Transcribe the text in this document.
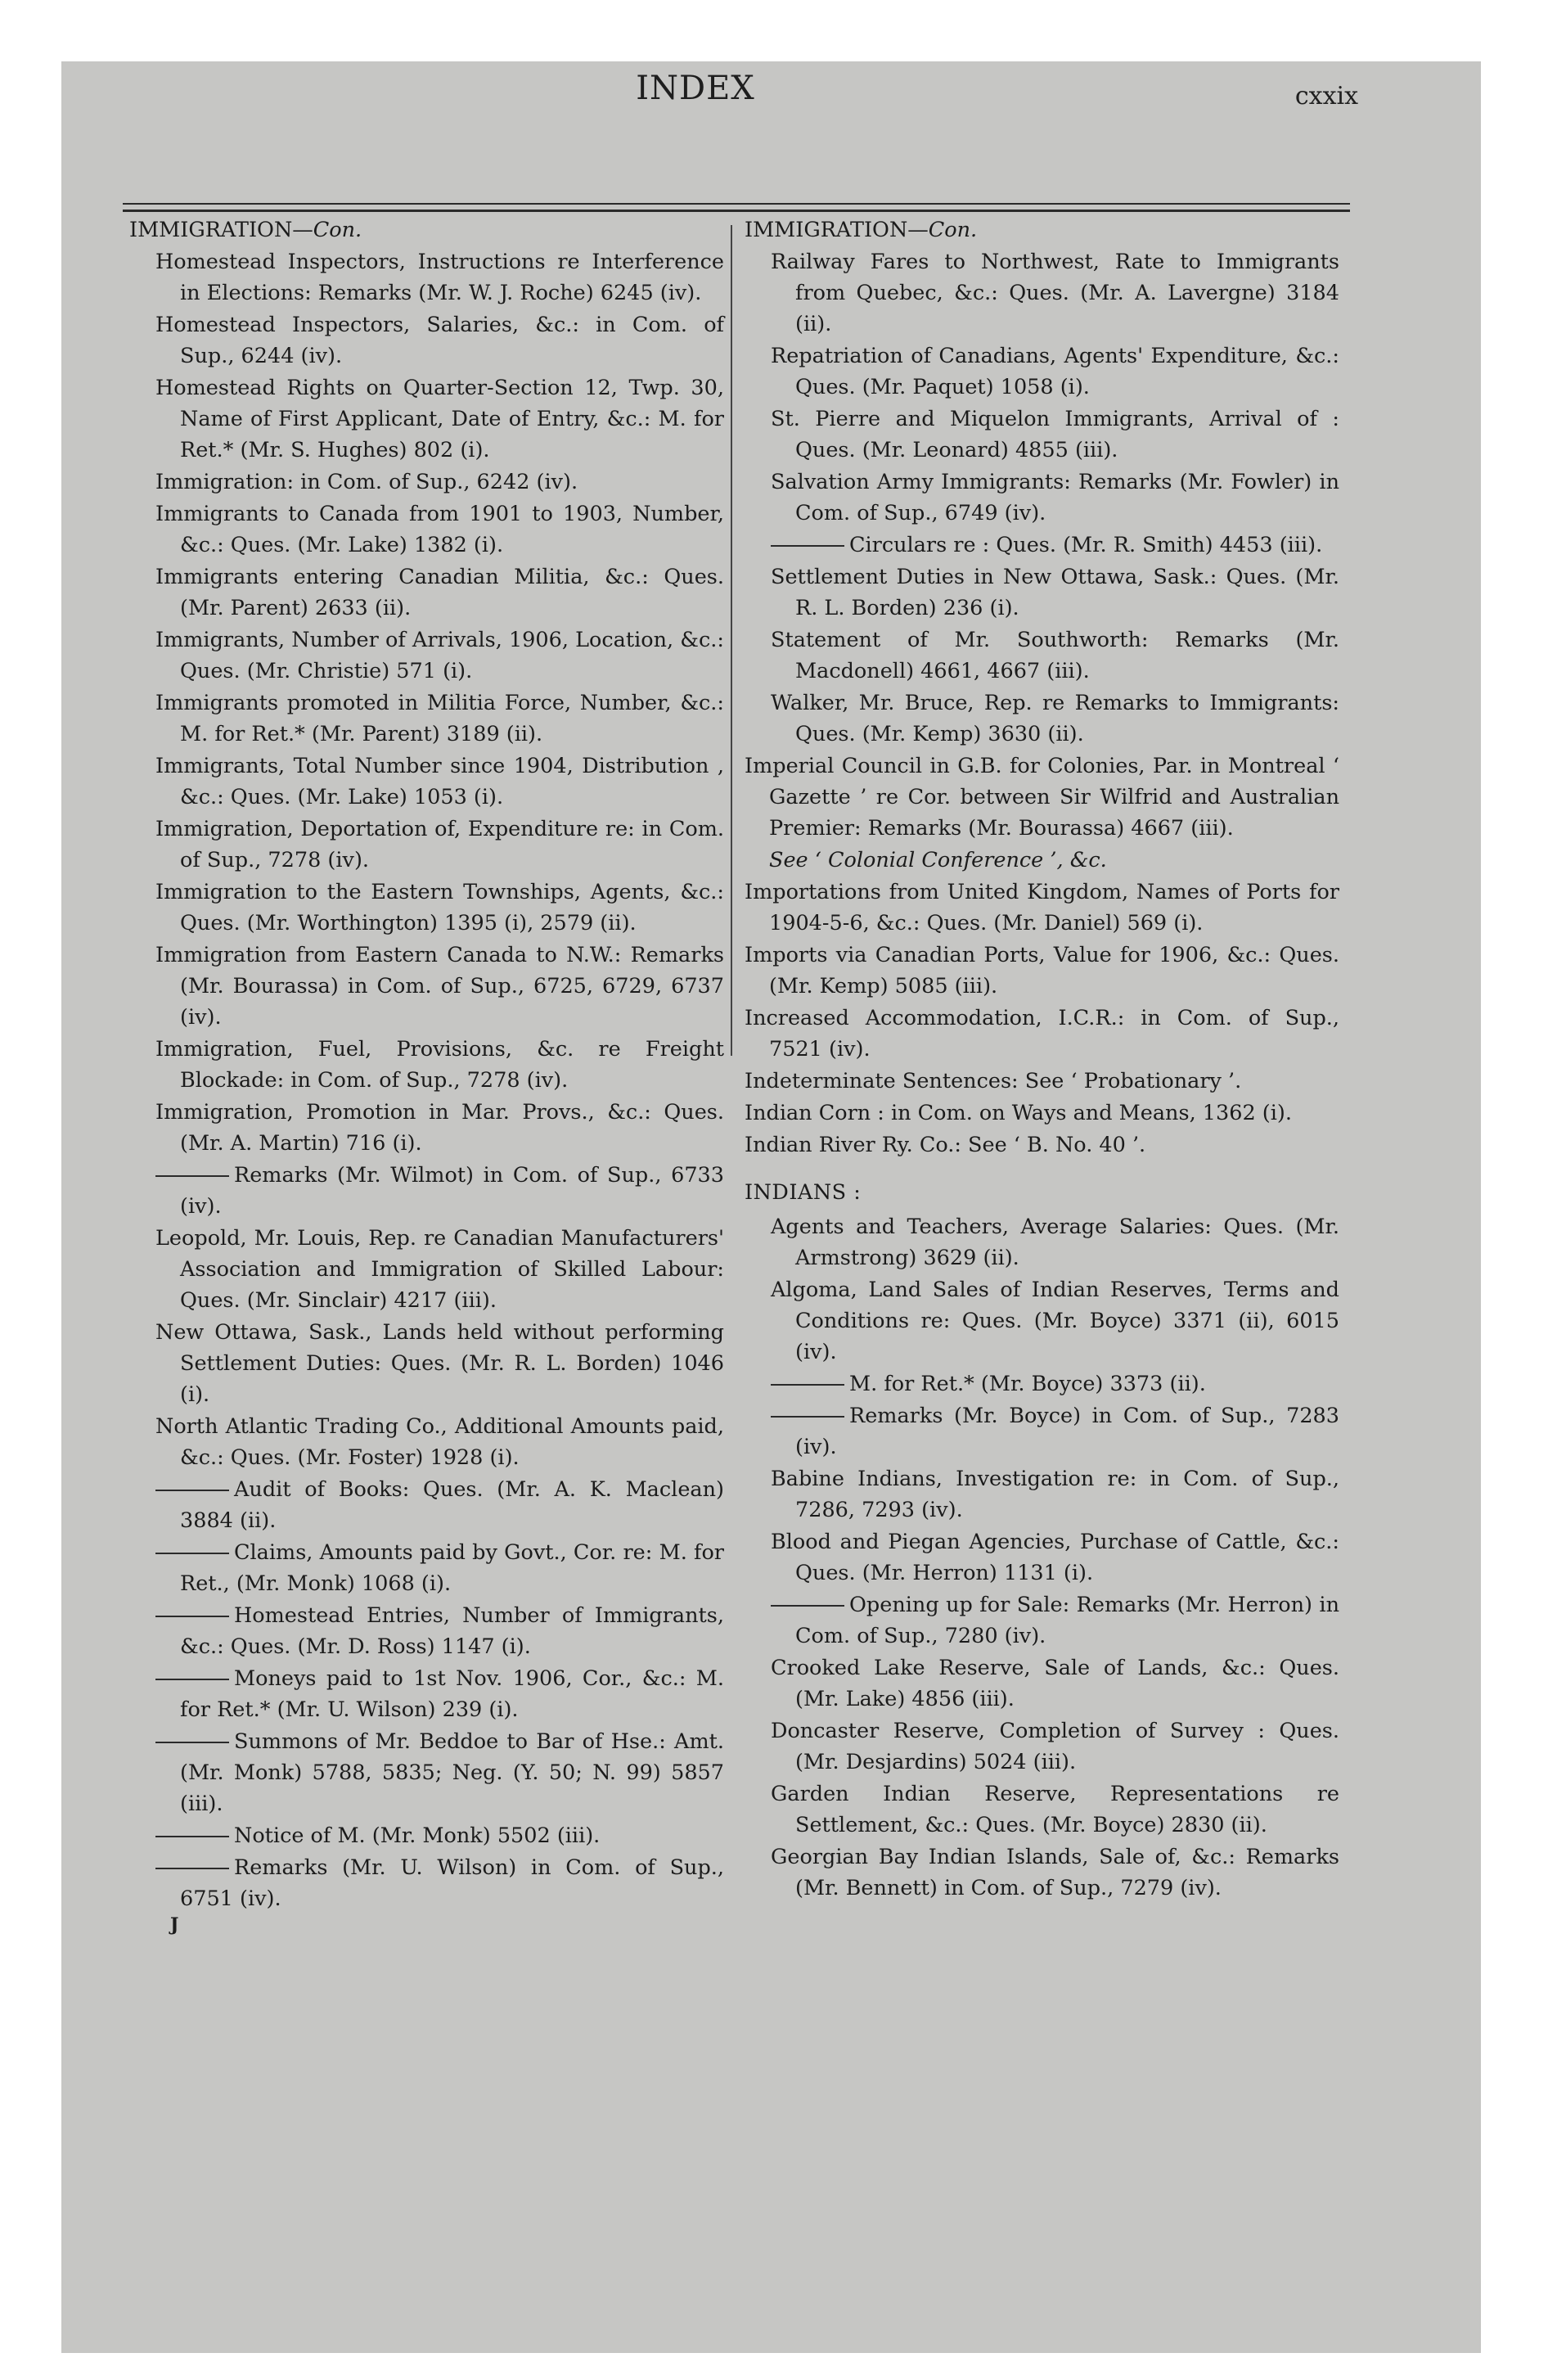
INDEX	cxxix
IMMIGRATION—Con.
Homestead Inspectors, Instructions re Interference in Elections: Remarks (Mr. W. J. Roche) 6245 (iv).
Homestead Inspectors, Salaries, &c.: in Com. of Sup., 6244 (iv).
Homestead Rights on Quarter-Section 12, Twp. 30, Name of First Applicant, Date of Entry, &c.: M. for Ret.* (Mr. S. Hughes) 802 (i).
Immigration: in Com. of Sup., 6242 (iv).
Immigrants to Canada from 1901 to 1903, Number, &c.: Ques. (Mr. Lake) 1382 (i).
Immigrants entering Canadian Militia, &c.: Ques. (Mr. Parent) 2633 (ii).
Immigrants, Number of Arrivals, 1906, Location, &c.: Ques. (Mr. Christie) 571 (i).
Immigrants promoted in Militia Force, Number, &c.: M. for Ret.* (Mr. Parent) 3189 (ii).
Immigrants, Total Number since 1904, Distribution , &c.: Ques. (Mr. Lake) 1053 (i).
Immigration, Deportation of, Expenditure re: in Com. of Sup., 7278 (iv).
Immigration to the Eastern Townships, Agents, &c.: Ques. (Mr. Worthington) 1395 (i), 2579 (ii).
Immigration from Eastern Canada to N.W.: Remarks (Mr. Bourassa) in Com. of Sup., 6725, 6729, 6737 (iv).
Immigration, Fuel, Provisions, &c. re Freight Blockade: in Com. of Sup., 7278 (iv).
Immigration, Promotion in Mar. Provs., &c.: Ques. (Mr. A. Martin) 716 (i).
Remarks (Mr. Wilmot) in Com. of Sup., 6733 (iv).
Leopold, Mr. Louis, Rep. re Canadian Manufacturers' Association and Immigration of Skilled Labour: Ques. (Mr. Sinclair) 4217 (iii).
New Ottawa, Sask., Lands held without performing Settlement Duties: Ques. (Mr. R. L. Borden) 1046 (i).
North Atlantic Trading Co., Additional Amounts paid, &c.: Ques. (Mr. Foster) 1928 (i).
Audit of Books: Ques. (Mr. A. K. Maclean) 3884 (ii).
Claims, Amounts paid by Govt., Cor. re: M. for Ret., (Mr. Monk) 1068 (i).
Homestead Entries, Number of Immigrants, &c.: Ques. (Mr. D. Ross) 1147 (i).
Moneys paid to 1st Nov. 1906, Cor., &c.: M. for Ret.* (Mr. U. Wilson) 239 (i).
Summons of Mr. Beddoe to Bar of Hse.: Amt. (Mr. Monk) 5788, 5835; Neg. (Y. 50; N. 99) 5857 (iii).
Notice of M. (Mr. Monk) 5502 (iii).
Remarks (Mr. U. Wilson) in Com. of Sup., 6751 (iv).
J
IMMIGRATION—Con.
Railway Fares to Northwest, Rate to Immigrants from Quebec, &c.: Ques. (Mr. A. Lavergne) 3184 (ii).
Repatriation of Canadians, Agents' Expenditure, &c.: Ques. (Mr. Paquet) 1058 (i).
St. Pierre and Miquelon Immigrants, Arrival of : Ques. (Mr. Leonard) 4855 (iii).
Salvation Army Immigrants: Remarks (Mr. Fowler) in Com. of Sup., 6749 (iv).
Circulars re : Ques. (Mr. R. Smith) 4453 (iii).
Settlement Duties in New Ottawa, Sask.: Ques. (Mr. R. L. Borden) 236 (i).
Statement of Mr. Southworth: Remarks (Mr. Macdonell) 4661, 4667 (iii).
Walker, Mr. Bruce, Rep. re Remarks to Immigrants: Ques. (Mr. Kemp) 3630 (ii).
Imperial Council in G.B. for Colonies, Par. in Montreal ‘ Gazette ’ re Cor. between Sir Wilfrid and Australian Premier: Remarks (Mr. Bourassa) 4667 (iii).
See ‘ Colonial Conference ’, &c.
Importations from United Kingdom, Names of Ports for 1904-5-6, &c.: Ques. (Mr. Daniel) 569 (i).
Imports via Canadian Ports, Value for 1906, &c.: Ques. (Mr. Kemp) 5085 (iii).
Increased Accommodation, I.C.R.: in Com. of Sup., 7521 (iv).
Indeterminate Sentences: See ‘ Probationary ’.
Indian Corn : in Com. on Ways and Means, 1362 (i).
Indian River Ry. Co.: See ‘ B. No. 40 ’.
INDIANS :
Agents and Teachers, Average Salaries: Ques. (Mr. Armstrong) 3629 (ii).
Algoma, Land Sales of Indian Reserves, Terms and Conditions re: Ques. (Mr. Boyce) 3371 (ii), 6015 (iv).
M. for Ret.* (Mr. Boyce) 3373 (ii).
Remarks (Mr. Boyce) in Com. of Sup., 7283 (iv).
Babine Indians, Investigation re: in Com. of Sup., 7286, 7293 (iv).
Blood and Piegan Agencies, Purchase of Cattle, &c.: Ques. (Mr. Herron) 1131 (i).
Opening up for Sale: Remarks (Mr. Herron) in Com. of Sup., 7280 (iv).
Crooked Lake Reserve, Sale of Lands, &c.: Ques. (Mr. Lake) 4856 (iii).
Doncaster Reserve, Completion of Survey : Ques. (Mr. Desjardins) 5024 (iii).
Garden Indian Reserve, Representations re Settlement, &c.: Ques. (Mr. Boyce) 2830 (ii).
Georgian Bay Indian Islands, Sale of, &c.: Remarks (Mr. Bennett) in Com. of Sup., 7279 (iv).
